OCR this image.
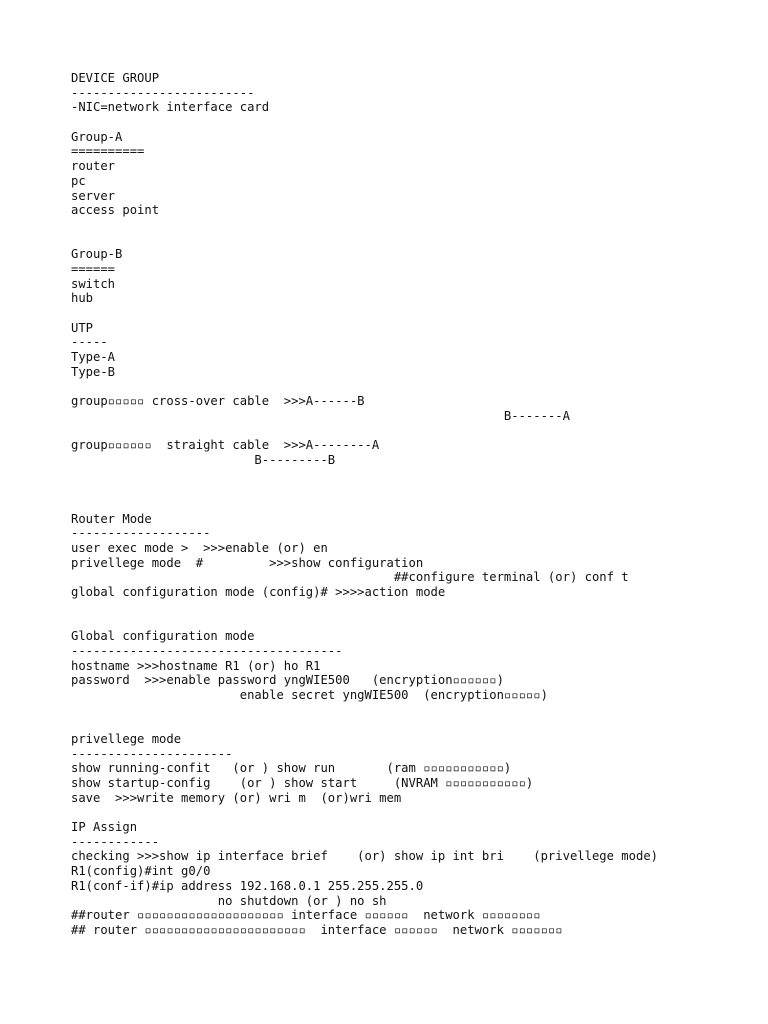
DEVICE GROUP
-------------------------
-NIC=network interface card
Group-A
==========
router
pc
server
access point
Group-B
======
switch
hub
UTP
-----
Type-A
Type-B
group▫▫▫▫▫ cross-over cable  >>>A------B
B-------A
group▫▫▫▫▫▫  straight cable  >>>A--------A
B---------B
Router Mode
-------------------
user exec mode >  >>>enable (or) en
privellege mode  #         >>>show configuration
##configure terminal (or) conf t
global configuration mode (config)# >>>>action mode
Global configuration mode
-------------------------------------
hostname >>>hostname R1 (or) ho R1
password  >>>enable password yngWIE500   (encryption▫▫▫▫▫▫)
enable secret yngWIE500  (encryption▫▫▫▫▫)
privellege mode
----------------------
show running-confit   (or ) show run       (ram ▫▫▫▫▫▫▫▫▫▫▫)
show startup-config    (or ) show start     (NVRAM ▫▫▫▫▫▫▫▫▫▫▫)
save  >>>write memory (or) wri m  (or)wri mem
IP Assign
------------
checking >>>show ip interface brief    (or) show ip int bri    (privellege mode)
R1(config)#int g0/0
R1(conf-if)#ip address 192.168.0.1 255.255.255.0
no shutdown (or ) no sh
##router ▫▫▫▫▫▫▫▫▫▫▫▫▫▫▫▫▫▫▫▫ interface ▫▫▫▫▫▫  network ▫▫▫▫▫▫▫▫
## router ▫▫▫▫▫▫▫▫▫▫▫▫▫▫▫▫▫▫▫▫▫▫  interface ▫▫▫▫▫▫  network ▫▫▫▫▫▫▫
